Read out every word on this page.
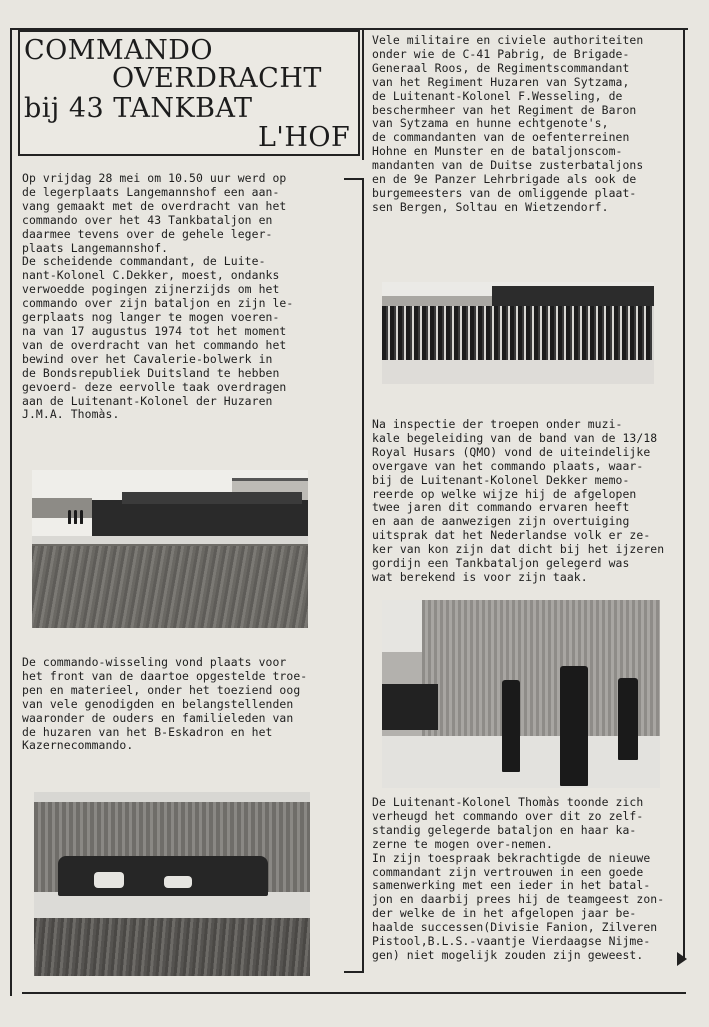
COMMANDO
OVERDRACHT
bij 43 TANKBAT
L'HOF
Vele militaire en civiele authoriteiten
onder wie de C-41 Pabrig, de Brigade-
Generaal Roos, de Regimentscommandant
van het Regiment Huzaren van Sytzama,
de Luitenant-Kolonel F.Wesseling, de
beschermheer van het Regiment de Baron
van Sytzama en hunne echtgenote's,
de commandanten van de oefenterreinen
Hohne en Munster en de bataljonscom-
mandanten van de Duitse zusterbataljons
en de 9e Panzer Lehrbrigade als ook de
burgemeesters van de omliggende plaat-
sen Bergen, Soltau en Wietzendorf.
Op vrijdag 28 mei om 10.50 uur werd op
de legerplaats Langemannshof een aan-
vang gemaakt met de overdracht van het
commando over het 43 Tankbataljon en
daarmee tevens over de gehele leger-
plaats Langemannshof.
De scheidende commandant, de Luite-
nant-Kolonel C.Dekker, moest, ondanks
verwoedde pogingen zijnerzijds om het
commando over zijn bataljon en zijn le-
gerplaats nog langer te mogen voeren-
na van 17 augustus 1974 tot het moment
van de overdracht van het commando het
bewind over het Cavalerie-bolwerk in
de Bondsrepubliek Duitsland te hebben
gevoerd- deze eervolle taak overdragen
aan de Luitenant-Kolonel der Huzaren
J.M.A. Thomàs.
De commando-wisseling vond plaats voor
het front van de daartoe opgestelde troe-
pen en materieel, onder het toeziend oog
van vele genodigden en belangstellenden
waaronder de ouders en familieleden van
de huzaren van het B-Eskadron en het
Kazernecommando.
Na inspectie der troepen onder muzi-
kale begeleiding van de band van de 13/18
Royal Husars (QMO) vond de uiteindelijke
overgave van het commando plaats, waar-
bij de Luitenant-Kolonel Dekker memo-
reerde op welke wijze hij de afgelopen
twee jaren dit commando ervaren heeft
en aan de aanwezigen zijn overtuiging
uitsprak dat het Nederlandse volk er ze-
ker van kon zijn dat dicht bij het ijzeren
gordijn een Tankbataljon gelegerd was
wat berekend is voor zijn taak.
De Luitenant-Kolonel Thomàs toonde zich
verheugd het commando over dit zo zelf-
standig gelegerde bataljon en haar ka-
zerne te mogen over-nemen.
In zijn toespraak bekrachtigde de nieuwe
commandant zijn vertrouwen in een goede
samenwerking met een ieder in het batal-
jon en daarbij prees hij de teamgeest zon-
der welke de in het afgelopen jaar be-
haalde successen(Divisie Fanion, Zilveren
Pistool,B.L.S.-vaantje Vierdaagse Nijme-
gen) niet mogelijk zouden zijn geweest.
